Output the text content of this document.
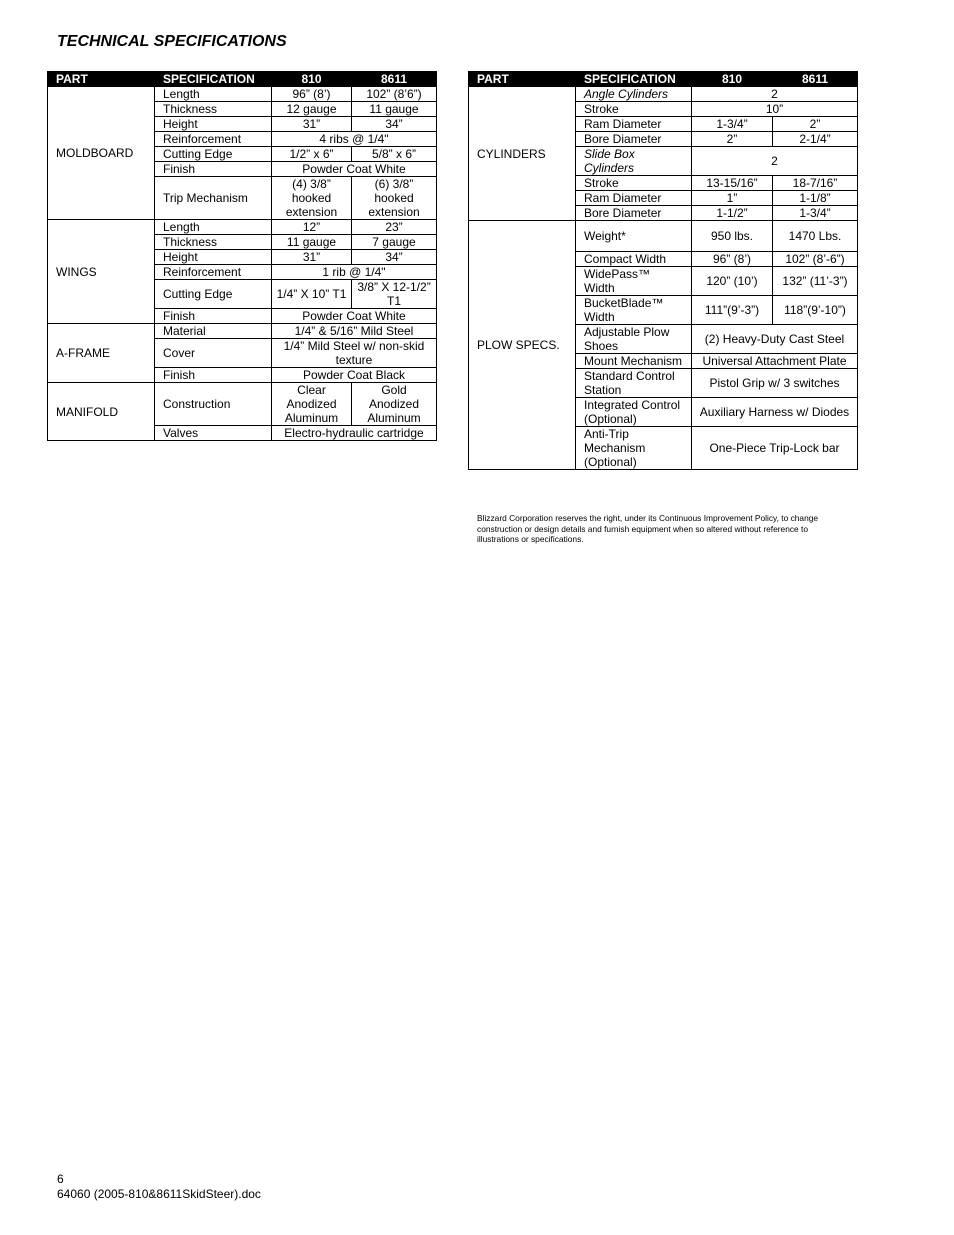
TECHNICAL SPECIFICATIONS
PART	SPECIFICATION	810	8611
MOLDBOARD	Length	96” (8’)	102” (8’6”)
	Thickness	12 gauge	11 gauge
	Height	31”	34”
	Reinforcement	4 ribs @ 1/4"	
	Cutting Edge	1/2” x 6”	5/8” x 6”
	Finish	Powder Coat White	
	Trip Mechanism	(4) 3/8” hooked extension	(6) 3/8” hooked extension
WINGS	Length	12”	23”
	Thickness	11 gauge	7 gauge
	Height	31”	34”
	Reinforcement	1 rib @ 1/4"	
	Cutting Edge	1/4” X 10” T1	3/8” X 12-1/2” T1
	Finish	Powder Coat White	
A-FRAME	Material	1/4” & 5/16” Mild Steel	
	Cover	1/4” Mild Steel w/ non-skid texture	
	Finish	Powder Coat Black	
MANIFOLD	Construction	Clear Anodized Aluminum	Gold Anodized Aluminum
	Valves	Electro-hydraulic cartridge	
PART	SPECIFICATION	810	8611
CYLINDERS	Angle Cylinders	2	
	Stroke	10”	
	Ram Diameter	1-3/4”	2”
	Bore Diameter	2”	2-1/4”
	Slide Box Cylinders	2	
	Stroke	13-15/16”	18-7/16”
	Ram Diameter	1”	1-1/8”
	Bore Diameter	1-1/2”	1-3/4”
PLOW SPECS.	Weight*	950 lbs.	1470 Lbs.
	Compact Width	96” (8’)	102” (8’-6”)
	WidePass™ Width	120” (10’)	132” (11’-3”)
	BucketBlade™ Width	111”(9’-3”)	118”(9’-10”)
	Adjustable Plow Shoes	(2) Heavy-Duty Cast Steel	
	Mount Mechanism	Universal Attachment Plate	
	Standard Control Station	Pistol Grip w/ 3 switches	
	Integrated Control (Optional)	Auxiliary Harness w/ Diodes	
	Anti-Trip Mechanism (Optional)	One-Piece Trip-Lock bar	
Blizzard Corporation reserves the right, under its Continuous Improvement Policy, to change construction or design details and furnish equipment when so altered without reference to illustrations or specifications.
6
64060 (2005-810&8611SkidSteer).doc
